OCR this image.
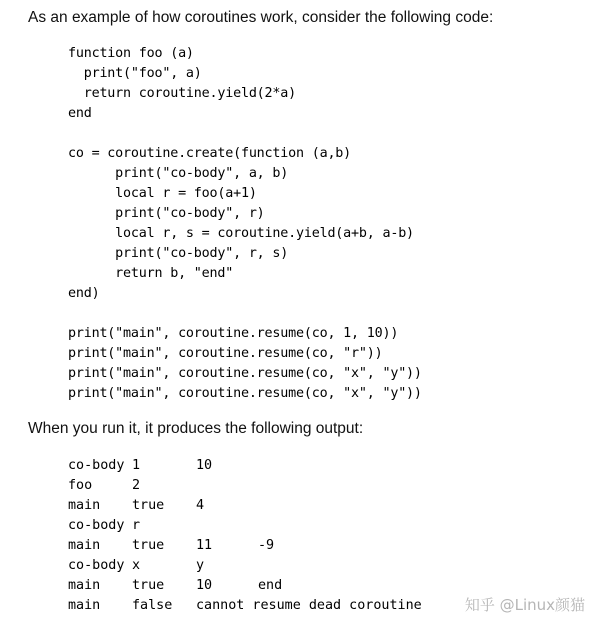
As an example of how coroutines work, consider the following code:
function foo (a)
print("foo", a)
return coroutine.yield(2*a)
end
co = coroutine.create(function (a,b)
print("co-body", a, b)
local r = foo(a+1)
print("co-body", r)
local r, s = coroutine.yield(a+b, a-b)
print("co-body", r, s)
return b, "end"
end)
print("main", coroutine.resume(co, 1, 10))
print("main", coroutine.resume(co, "r"))
print("main", coroutine.resume(co, "x", "y"))
print("main", coroutine.resume(co, "x", "y"))
When you run it, it produces the following output:
co-body 1	10
foo	2
main true 4
co-body r
main true 11	-9
co-body x	y
main true 10	end
main false cannot resume dead coroutine	知乎 @Linux颜猫
